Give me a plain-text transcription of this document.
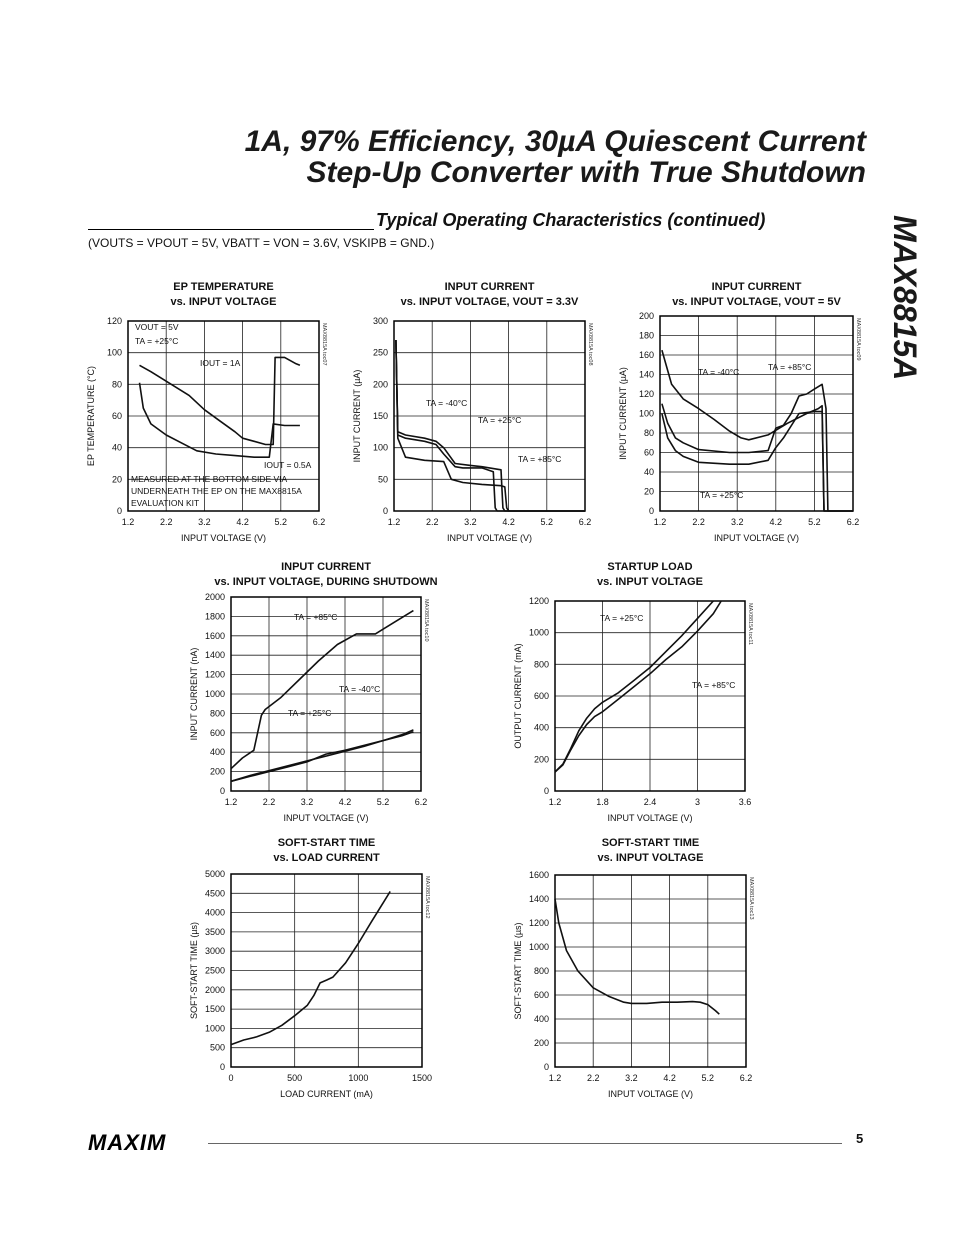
1A, 97% Efficiency, 30µA Quiescent Current
Step-Up Converter with True Shutdown
MAX8815A
Typical Operating Characteristics (continued)
(VOUTS = VPOUT = 5V, VBATT = VON = 3.6V, VSKIPB = GND.)
EP TEMPERATURE
vs. INPUT VOLTAGE
1.2	2.2	3.2	4.2	5.2	6.2
0
20
40
60
80
100
120
INPUT VOLTAGE (V)
EP TEMPERATURE (°C)
MAX8815A toc07
VOUT = 5V
TA = +25°C
IOUT = 1A
IOUT = 0.5A
MEASURED AT THE BOTTOM SIDE VIA
UNDERNEATH THE EP ON THE MAX8815A
EVALUATION KIT
INPUT CURRENT
vs. INPUT VOLTAGE, VOUT = 3.3V
1.2	2.2	3.2	4.2	5.2	6.2
0
50
100
150
200
250
300
INPUT VOLTAGE (V)
INPUT CURRENT (µA)
MAX8815A toc08
TA = -40°C
TA = +25°C
TA = +85°C
INPUT CURRENT
vs. INPUT VOLTAGE, VOUT = 5V
1.2	2.2	3.2	4.2	5.2	6.2
0
20
40
60
80
100
120
140
160
180
200
INPUT VOLTAGE (V)
INPUT CURRENT (µA)
MAX8815A toc09
TA = -40°C	TA = +85°C
TA = +25°C
INPUT CURRENT
vs. INPUT VOLTAGE, DURING SHUTDOWN
1.2	2.2	3.2	4.2	5.2	6.2
0
200
400
600
800
1000
1200
1400
1600
1800
2000
INPUT VOLTAGE (V)
INPUT CURRENT (nA)
MAX8815A toc10
TA = +85°C
TA = -40°C
TA = +25°C
STARTUP LOAD
vs. INPUT VOLTAGE
1.2	1.8	2.4	3	3.6
0
200
400
600
800
1000
1200
INPUT VOLTAGE (V)
OUTPUT CURRENT (mA)
MAX8815A toc11
TA = +25°C
TA = +85°C
SOFT-START TIME
vs. LOAD CURRENT
0	500	1000	1500
0
500
1000
1500
2000
2500
3000
3500
4000
4500
5000
LOAD CURRENT (mA)
SOFT-START TIME (µs)
MAX8815A toc12
SOFT-START TIME
vs. INPUT VOLTAGE
1.2	2.2	3.2	4.2	5.2	6.2
0
200
400
600
800
1000
1200
1400
1600
INPUT VOLTAGE (V)
SOFT-START TIME (µs)
MAX8815A toc13
MAXIM	5
